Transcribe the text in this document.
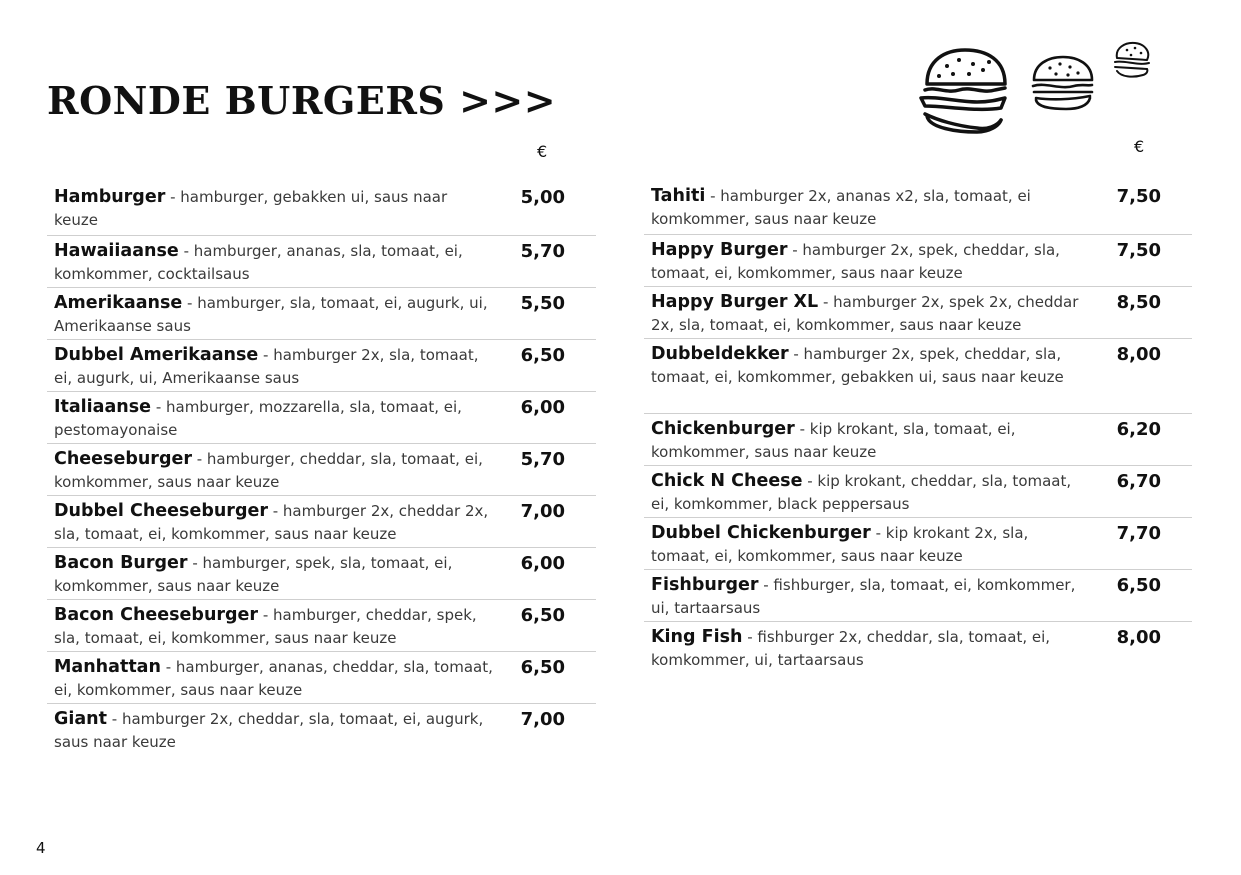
RONDE BURGERS >>>
€	€
Hamburger - hamburger, gebakken ui, saus naar keuze
5,00
Hawaiiaanse - hamburger, ananas, sla, tomaat, ei, komkommer, cocktailsaus
5,70
Amerikaanse - hamburger, sla, tomaat, ei, augurk, ui, Amerikaanse saus
5,50
Dubbel Amerikaanse - hamburger 2x, sla, tomaat, ei, augurk, ui, Amerikaanse saus
6,50
Italiaanse - hamburger, mozzarella, sla, tomaat, ei, pestomayonaise
6,00
Cheeseburger - hamburger, cheddar, sla, tomaat, ei, komkommer, saus naar keuze
5,70
Dubbel Cheeseburger - hamburger 2x, cheddar 2x, sla, tomaat, ei, komkommer, saus naar keuze
7,00
Bacon Burger - hamburger, spek, sla, tomaat, ei, komkommer, saus naar keuze
6,00
Bacon Cheeseburger - hamburger, cheddar, spek, sla, tomaat, ei, komkommer, saus naar keuze
6,50
Manhattan - hamburger, ananas, cheddar, sla, tomaat, ei, komkommer, saus naar keuze
6,50
Giant - hamburger 2x, cheddar, sla, tomaat, ei, augurk, saus naar keuze
7,00
Tahiti - hamburger 2x, ananas x2, sla, tomaat, ei komkommer, saus naar keuze
7,50
Happy Burger - hamburger 2x, spek, cheddar, sla, tomaat, ei, komkommer, saus naar keuze
7,50
Happy Burger XL - hamburger 2x, spek 2x, cheddar 2x, sla, tomaat, ei, komkommer, saus naar keuze
8,50
Dubbeldekker - hamburger 2x, spek, cheddar, sla, tomaat, ei, komkommer, gebakken ui, saus naar keuze
8,00
Chickenburger - kip krokant, sla, tomaat, ei, komkommer, saus naar keuze
6,20
Chick N Cheese - kip krokant, cheddar, sla, tomaat, ei, komkommer, black peppersaus
6,70
Dubbel Chickenburger - kip krokant 2x, sla, tomaat, ei, komkommer, saus naar keuze
7,70
Fishburger - fishburger, sla, tomaat, ei, komkommer, ui, tartaarsaus
6,50
King Fish - fishburger 2x, cheddar, sla, tomaat, ei, komkommer, ui, tartaarsaus
8,00
4
